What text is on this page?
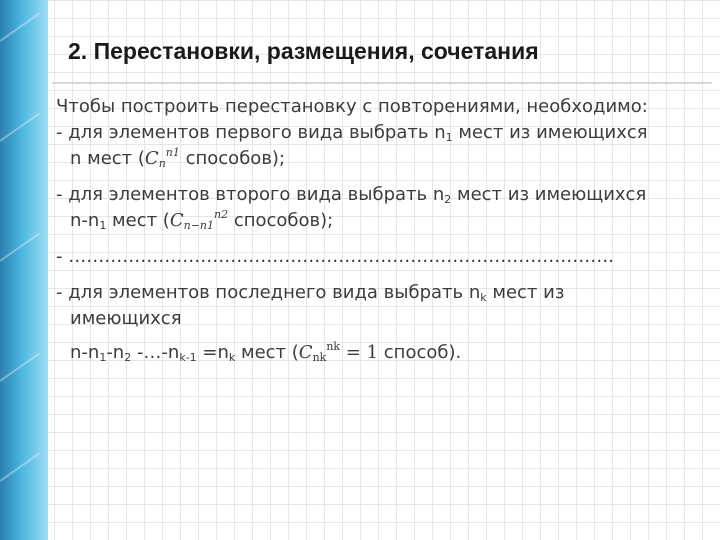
2. Перестановки, размещения, сочетания
Чтобы построить перестановку с повторениями, необходимо:
- для элементов первого вида выбрать $n_1$ мест из имеющихся
n мест ($C_n^{n1}$ способов);
- для элементов второго вида выбрать $n_2$ мест из имеющихся
$n-n_1$ мест ($C_{n-n1}^{n2}$ способов);
- ……………………………………………………………………………….
- для элементов последнего вида выбрать $n_k$ мест из
имеющихся
$n-n_1-n_2$ $-\dots-n_{k-1} =n_k$ мест ($C_{nk}^{nk} = 1$ способ).
